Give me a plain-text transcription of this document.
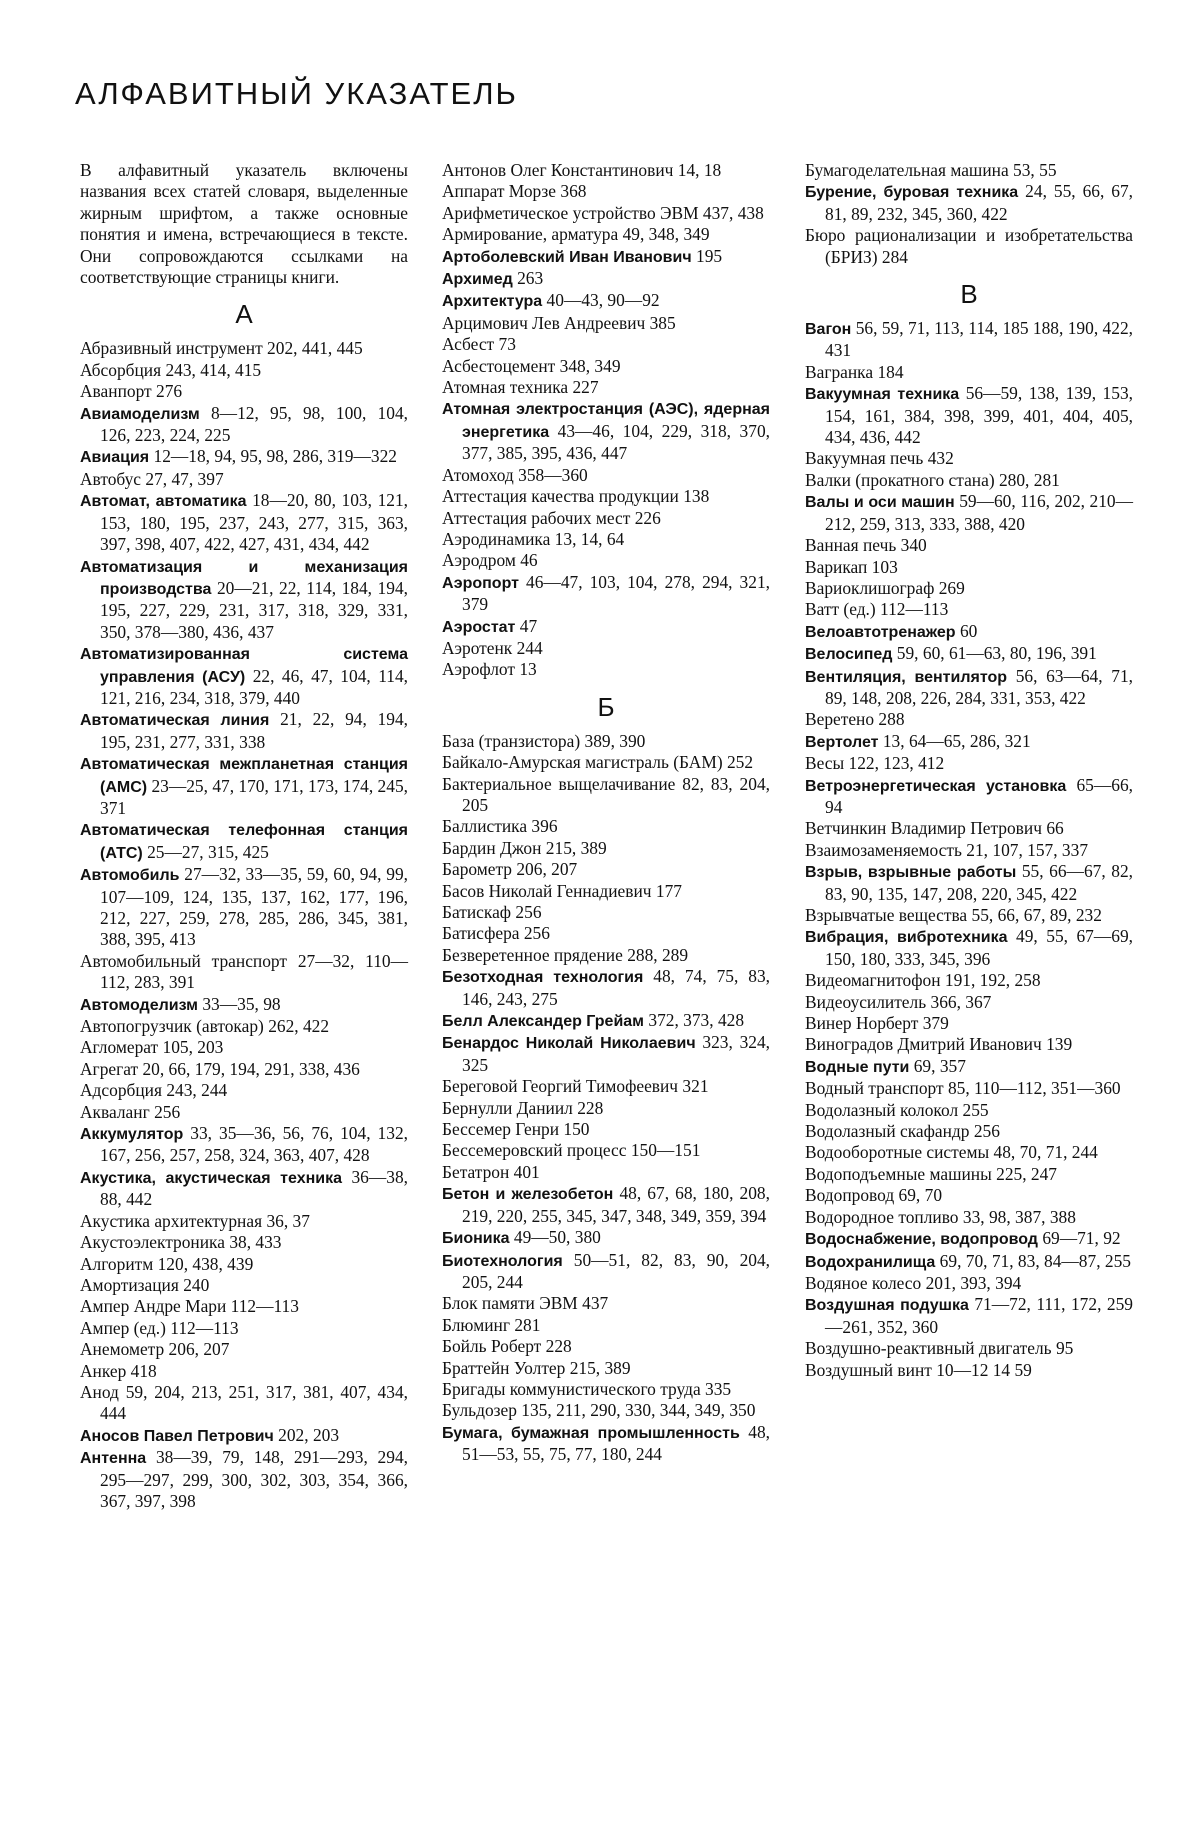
АЛФАВИТНЫЙ УКАЗАТЕЛЬ

В алфавитный указатель включены названия всех статей словаря, выделенные жирным шрифтом, а также основные понятия и имена, встречающиеся в тексте. Они сопровождаются ссылками на соответствующие страницы книги.

А

Абразивный инструмент 202, 441, 445

Абсорбция 243, 414, 415

Аванпорт 276

Авиамоделизм 8—12, 95, 98, 100, 104, 126, 223, 224, 225

Авиация 12—18, 94, 95, 98, 286, 319—322

Автобус 27, 47, 397

Автомат, автоматика 18—20, 80, 103, 121, 153, 180, 195, 237, 243, 277, 315, 363, 397, 398, 407, 422, 427, 431, 434, 442

Автоматизация и механизация производства 20—21, 22, 114, 184, 194, 195, 227, 229, 231, 317, 318, 329, 331, 350, 378—380, 436, 437

Автоматизированная система управления (АСУ) 22, 46, 47, 104, 114, 121, 216, 234, 318, 379, 440

Автоматическая линия 21, 22, 94, 194, 195, 231, 277, 331, 338

Автоматическая межпланетная станция (АМС) 23—25, 47, 170, 171, 173, 174, 245, 371

Автоматическая телефонная станция (АТС) 25—27, 315, 425

Автомобиль 27—32, 33—35, 59, 60, 94, 99, 107—109, 124, 135, 137, 162, 177, 196, 212, 227, 259, 278, 285, 286, 345, 381, 388, 395, 413

Автомобильный транспорт 27—32, 110—112, 283, 391

Автомоделизм 33—35, 98

Автопогрузчик (автокар) 262, 422

Агломерат 105, 203

Агрегат 20, 66, 179, 194, 291, 338, 436

Адсорбция 243, 244

Акваланг 256

Аккумулятор 33, 35—36, 56, 76, 104, 132, 167, 256, 257, 258, 324, 363, 407, 428

Акустика, акустическая техника 36—38, 88, 442

Акустика архитектурная 36, 37

Акустоэлектроника 38, 433

Алгоритм 120, 438, 439

Амортизация 240

Ампер Андре Мари 112—113

Ампер (ед.) 112—113

Анемометр 206, 207

Анкер 418

Анод 59, 204, 213, 251, 317, 381, 407, 434, 444

Аносов Павел Петрович 202, 203

Антенна 38—39, 79, 148, 291—293, 294, 295—297, 299, 300, 302, 303, 354, 366, 367, 397, 398

Антонов Олег Константинович 14, 18

Аппарат Морзе 368

Арифметическое устройство ЭВМ 437, 438

Армирование, арматура 49, 348, 349

Артоболевский Иван Иванович 195

Архимед 263

Архитектура 40—43, 90—92

Арцимович Лев Андреевич 385

Асбест 73

Асбестоцемент 348, 349

Атомная техника 227

Атомная электростанция (АЭС), ядерная энергетика 43—46, 104, 229, 318, 370, 377, 385, 395, 436, 447

Атомоход 358—360

Аттестация качества продукции 138

Аттестация рабочих мест 226

Аэродинамика 13, 14, 64

Аэродром 46

Аэропорт 46—47, 103, 104, 278, 294, 321, 379

Аэростат 47

Аэротенк 244

Аэрофлот 13

Б

База (транзистора) 389, 390

Байкало-Амурская магистраль (БАМ) 252

Бактериальное выщелачивание 82, 83, 204, 205

Баллистика 396

Бардин Джон 215, 389

Барометр 206, 207

Басов Николай Геннадиевич 177

Батискаф 256

Батисфера 256

Безверетенное прядение 288, 289

Безотходная технология 48, 74, 75, 83, 146, 243, 275

Белл Александер Грейам 372, 373, 428

Бенардос Николай Николаевич 323, 324, 325

Береговой Георгий Тимофеевич 321

Бернулли Даниил 228

Бессемер Генри 150

Бессемеровский процесс 150—151

Бетатрон 401

Бетон и железобетон 48, 67, 68, 180, 208, 219, 220, 255, 345, 347, 348, 349, 359, 394

Бионика 49—50, 380

Биотехнология 50—51, 82, 83, 90, 204, 205, 244

Блок памяти ЭВМ 437

Блюминг 281

Бойль Роберт 228

Браттейн Уолтер 215, 389

Бригады коммунистического труда 335

Бульдозер 135, 211, 290, 330, 344, 349, 350

Бумага, бумажная промышленность 48, 51—53, 55, 75, 77, 180, 244

Бумагоделательная машина 53, 55

Бурение, буровая техника 24, 55, 66, 67, 81, 89, 232, 345, 360, 422

Бюро рационализации и изобретательства (БРИЗ) 284

В

Вагон 56, 59, 71, 113, 114, 185 188, 190, 422, 431

Вагранка 184

Вакуумная техника 56—59, 138, 139, 153, 154, 161, 384, 398, 399, 401, 404, 405, 434, 436, 442

Вакуумная печь 432

Валки (прокатного стана) 280, 281

Валы и оси машин 59—60, 116, 202, 210—212, 259, 313, 333, 388, 420

Ванная печь 340

Варикап 103

Вариоклишограф 269

Ватт (ед.) 112—113

Велоавтотренажер 60

Велосипед 59, 60, 61—63, 80, 196, 391

Вентиляция, вентилятор 56, 63—64, 71, 89, 148, 208, 226, 284, 331, 353, 422

Веретено 288

Вертолет 13, 64—65, 286, 321

Весы 122, 123, 412

Ветроэнергетическая установка 65—66, 94

Ветчинкин Владимир Петрович 66

Взаимозаменяемость 21, 107, 157, 337

Взрыв, взрывные работы 55, 66—67, 82, 83, 90, 135, 147, 208, 220, 345, 422

Взрывчатые вещества 55, 66, 67, 89, 232

Вибрация, вибротехника 49, 55, 67—69, 150, 180, 333, 345, 396

Видеомагнитофон 191, 192, 258

Видеоусилитель 366, 367

Винер Норберт 379

Виноградов Дмитрий Иванович 139

Водные пути 69, 357

Водный транспорт 85, 110—112, 351—360

Водолазный колокол 255

Водолазный скафандр 256

Водооборотные системы 48, 70, 71, 244

Водоподъемные машины 225, 247

Водопровод 69, 70

Водородное топливо 33, 98, 387, 388

Водоснабжение, водопровод 69—71, 92

Водохранилища 69, 70, 71, 83, 84—87, 255

Водяное колесо 201, 393, 394

Воздушная подушка 71—72, 111, 172, 259—261, 352, 360

Воздушно-реактивный двигатель 95

Воздушный винт 10—12 14 59
